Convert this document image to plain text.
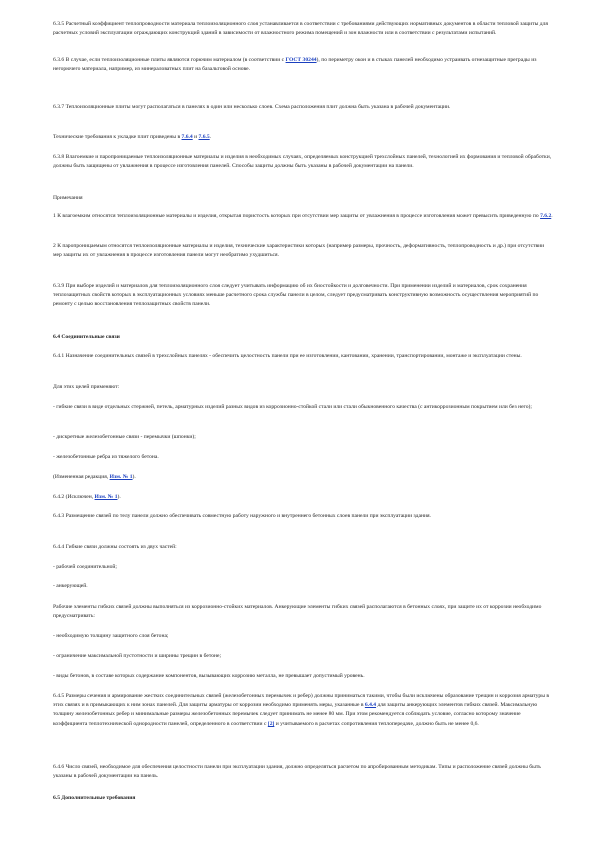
6.3.5 Расчетный коэффициент теплопроводности материала теплоизоляционного слоя устанавливается в соответствии с требованиями действующих нормативных документов в области тепловой защиты для расчетных условий эксплуатации ограждающих конструкций зданий в зависимости от влажностного режима помещений и зон влажности или в соответствии с результатами испытаний.

6.3.6 В случае, если теплоизоляционные плиты являются горючим материалом (в соответствии с ГОСТ 30244), по периметру окон и в стыках панелей необходимо устраивать огнезащитные преграды из негорючего материала, например, из минераловатных плит на базальтовой основе.

6.3.7 Теплоизоляционные плиты могут располагаться в панелях в один или несколько слоев. Схема расположения плит должна быть указана в рабочей документации.

Технические требования к укладке плит приведены в 7.6.4 и 7.6.5.

6.3.8 Влагоемкие и паропроницаемые теплоизоляционные материалы и изделия в необходимых случаях, определяемых конструкцией трехслойных панелей, технологией их формования и тепловой обработки, должны быть защищены от увлажнения в процессе изготовления панелей. Способы защиты должны быть указаны в рабочей документации на панели.

Примечания

1 К влагоемким относятся теплоизоляционные материалы и изделия, открытая пористость которых при отсутствии мер защиты от увлажнения в процессе изготовления может превысить приведенную по 7.6.2.

2 К паропроницаемым относятся теплоизоляционные материалы и изделия, технические характеристики которых (например размеры, прочность, деформативность, теплопроводность и др.) при отсутствии мер защиты их от увлажнения в процессе изготовления панели могут необратимо ухудшиться.

6.3.9 При выборе изделий и материалов для теплоизоляционного слоя следует учитывать информацию об их биостойкости и долговечности. При применении изделий и материалов, срок сохранения теплозащитных свойств которых в эксплуатационных условиях меньше расчетного срока службы панели в целом, следует предусматривать конструктивную возможность осуществления мероприятий по ремонту с целью восстановления теплозащитных свойств панели.

6.4 Соединительные связи

6.4.1 Назначение соединительных связей в трехслойных панелях - обеспечить целостность панели при ее изготовлении, кантовании, хранении, транспортировании, монтаже и эксплуатации стены.

Для этих целей применяют:

- гибкие связи в виде отдельных стержней, петель, арматурных изделий разных видов из коррозионно-стойкой стали или стали обыкновенного качества (с антикоррозионным покрытием или без него);

- дискретные железобетонные связи - перемычки (шпонки);

- железобетонные ребра из тяжелого бетона.

(Измененная редакция, Изм. № 1).

6.4.2 (Исключен, Изм. № 1).

6.4.3 Размещение связей по телу панели должно обеспечивать совместную работу наружного и внутреннего бетонных слоев панели при эксплуатации здания.

6.4.4 Гибкие связи должны состоять из двух частей:

- рабочей соединительной;

- анкерующей.

Рабочие элементы гибких связей должны выполняться из коррозионно-стойких материалов. Анкерующие элементы гибких связей располагаются в бетонных слоях, при защите их от коррозии необходимо предусматривать:

- необходимую толщину защитного слоя бетона;

- ограничение максимальной пустотности и ширины трещин в бетоне;

- виды бетонов, в составе которых содержание компонентов, вызывающих коррозию металла, не превышает допустимый уровень.

6.4.5 Размеры сечения и армирование жестких соединительных связей (железобетонных перемычек и ребер) должны приниматься такими, чтобы были исключены образование трещин и коррозия арматуры в этих связях и в примыкающих к ним зонах панелей. Для защиты арматуры от коррозии необходимо применять меры, указанные в 6.4.4 для защиты анкерующих элементов гибких связей. Максимальную толщину железобетонных ребер и минимальные размеры железобетонных перемычек следует принимать не менее 80 мм. При этом рекомендуется соблюдать условие, согласно которому значение коэффициента теплотехнической однородности панелей, определенного в соответствии с [2] и учитываемого в расчетах сопротивления теплопередаче, должно быть не менее 0,6.

6.4.6 Число связей, необходимое для обеспечения целостности панели при эксплуатации здания, должно определяться расчетом по апробированным методикам. Типы и расположение связей должны быть указаны в рабочей документации на панель.

6.5 Дополнительные требования
